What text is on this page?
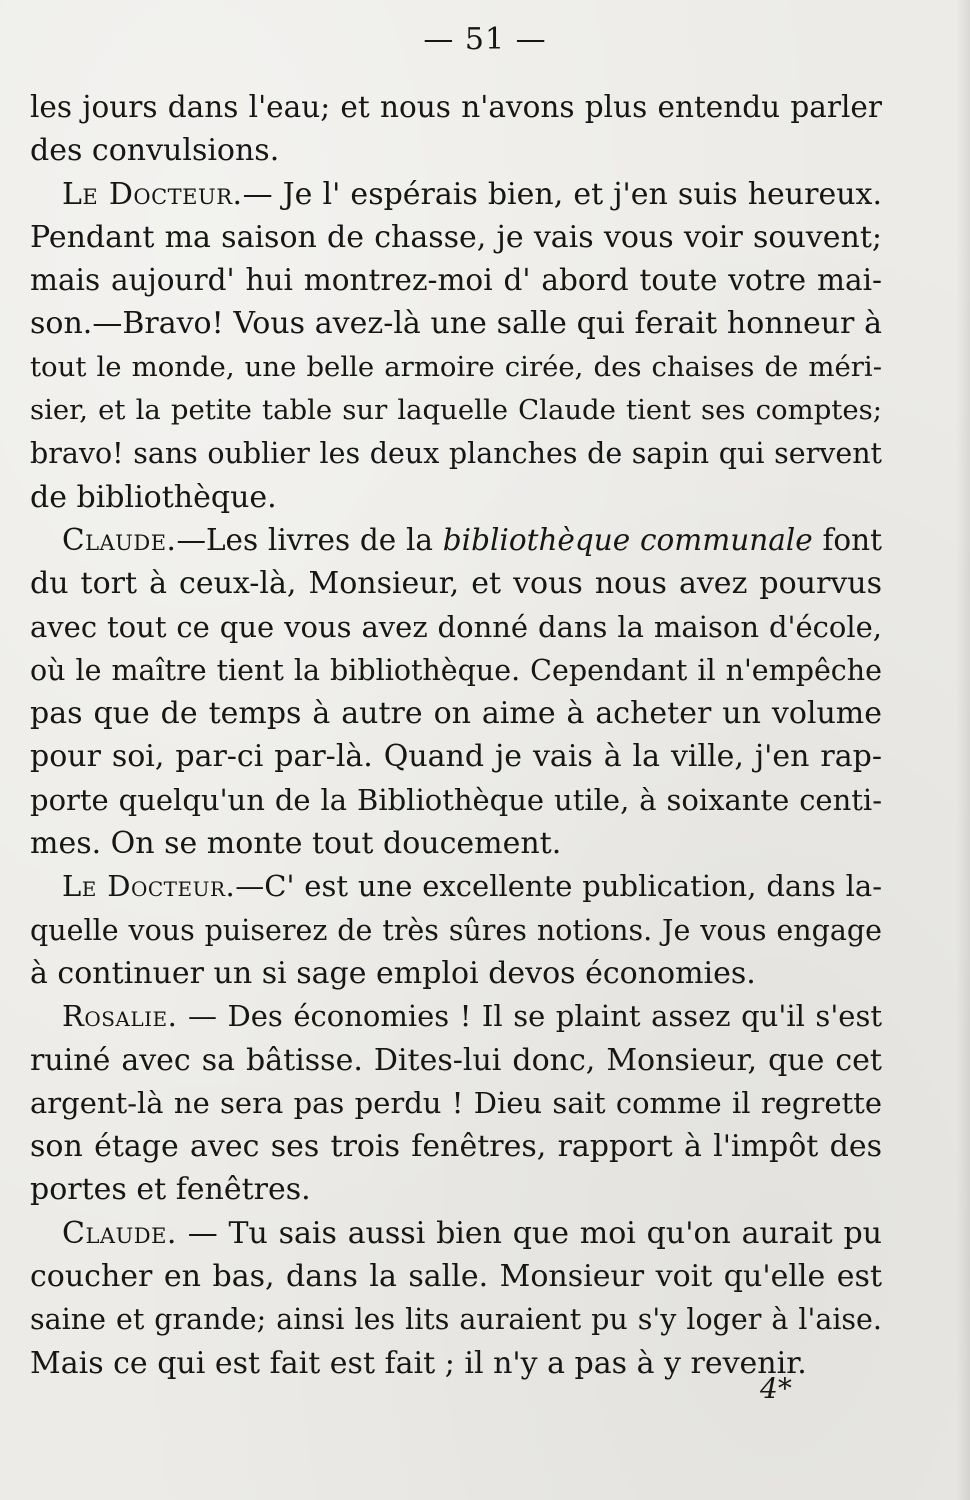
— 51 —
les jours dans l'eau; et nous n'avons plus entendu parler
des convulsions.
Le Docteur.— Je l' espérais bien, et j'en suis heureux.
Pendant ma saison de chasse, je vais vous voir souvent;
mais aujourd' hui montrez-moi d' abord toute votre mai-
son.—Bravo! Vous avez-là une salle qui ferait honneur à
tout le monde, une belle armoire cirée, des chaises de méri-
sier, et la petite table sur laquelle Claude tient ses comptes;
bravo! sans oublier les deux planches de sapin qui servent
de bibliothèque.
Claude.—Les livres de la bibliothèque communale font
du tort à ceux-là, Monsieur, et vous nous avez pourvus
avec tout ce que vous avez donné dans la maison d'école,
où le maître tient la bibliothèque. Cependant il n'empêche
pas que de temps à autre on aime à acheter un volume
pour soi, par-ci par-là. Quand je vais à la ville, j'en rap-
porte quelqu'un de la Bibliothèque utile, à soixante centi-
mes. On se monte tout doucement.
Le Docteur.—C' est une excellente publication, dans la-
quelle vous puiserez de très sûres notions. Je vous engage
à continuer un si sage emploi devos économies.
Rosalie. — Des économies ! Il se plaint assez qu'il s'est
ruiné avec sa bâtisse. Dites-lui donc, Monsieur, que cet
argent-là ne sera pas perdu ! Dieu sait comme il regrette
son étage avec ses trois fenêtres, rapport à l'impôt des
portes et fenêtres.
Claude. — Tu sais aussi bien que moi qu'on aurait pu
coucher en bas, dans la salle. Monsieur voit qu'elle est
saine et grande; ainsi les lits auraient pu s'y loger à l'aise.
Mais ce qui est fait est fait ; il n'y a pas à y revenir.
4*
